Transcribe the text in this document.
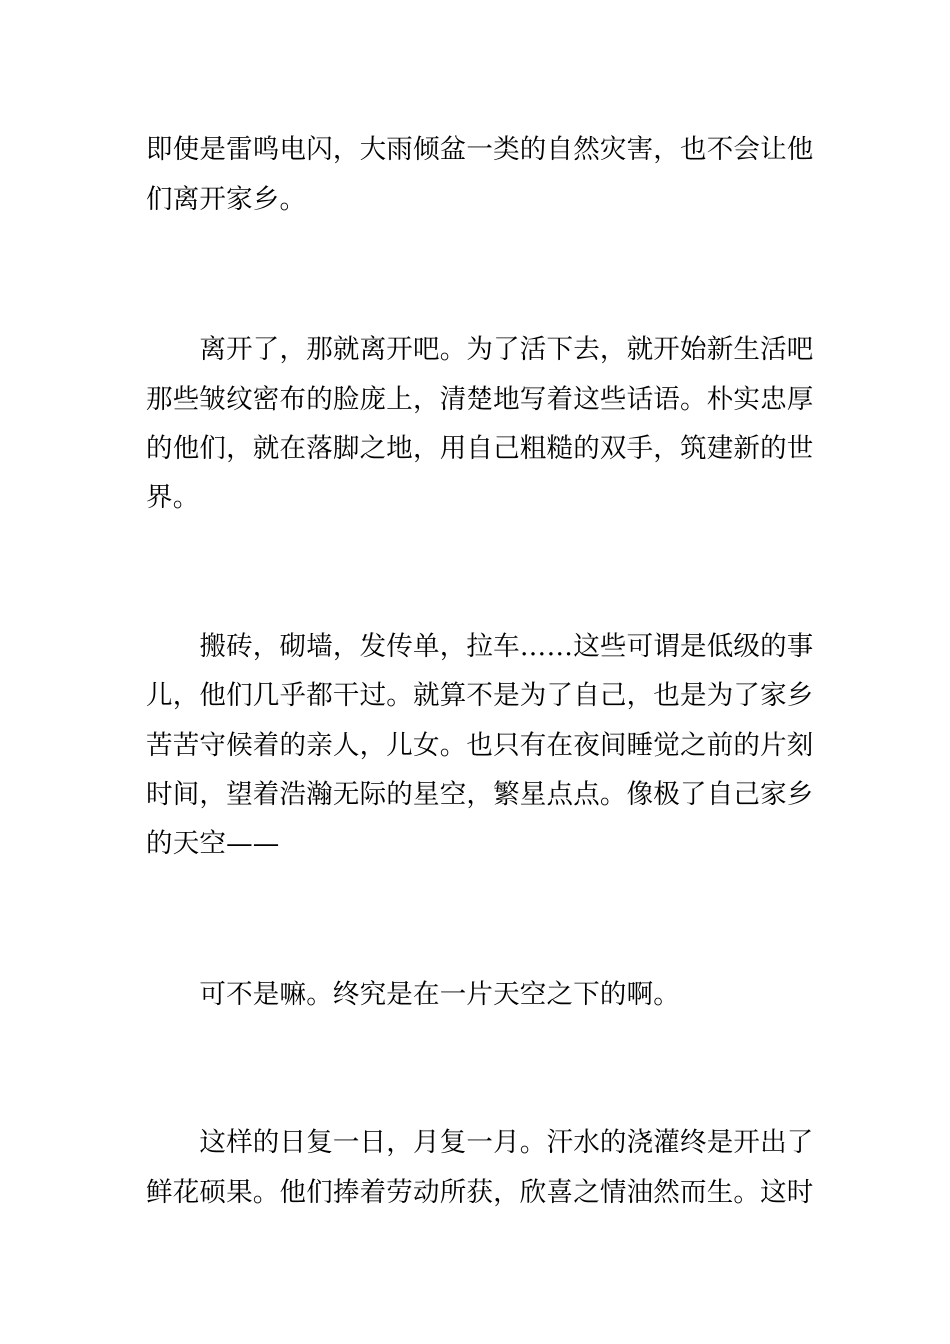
即使是雷鸣电闪，大雨倾盆一类的自然灾害，也不会让他
们离开家乡。
　　离开了，那就离开吧。为了活下去，就开始新生活吧
那些皱纹密布的脸庞上，清楚地写着这些话语。朴实忠厚
的他们，就在落脚之地，用自己粗糙的双手，筑建新的世
界。
　　搬砖，砌墙，发传单，拉车……这些可谓是低级的事
儿，他们几乎都干过。就算不是为了自己，也是为了家乡
苦苦守候着的亲人，儿女。也只有在夜间睡觉之前的片刻
时间，望着浩瀚无际的星空，繁星点点。像极了自己家乡
的天空——
　　可不是嘛。终究是在一片天空之下的啊。
　　这样的日复一日，月复一月。汗水的浇灌终是开出了
鲜花硕果。他们捧着劳动所获，欣喜之情油然而生。这时
